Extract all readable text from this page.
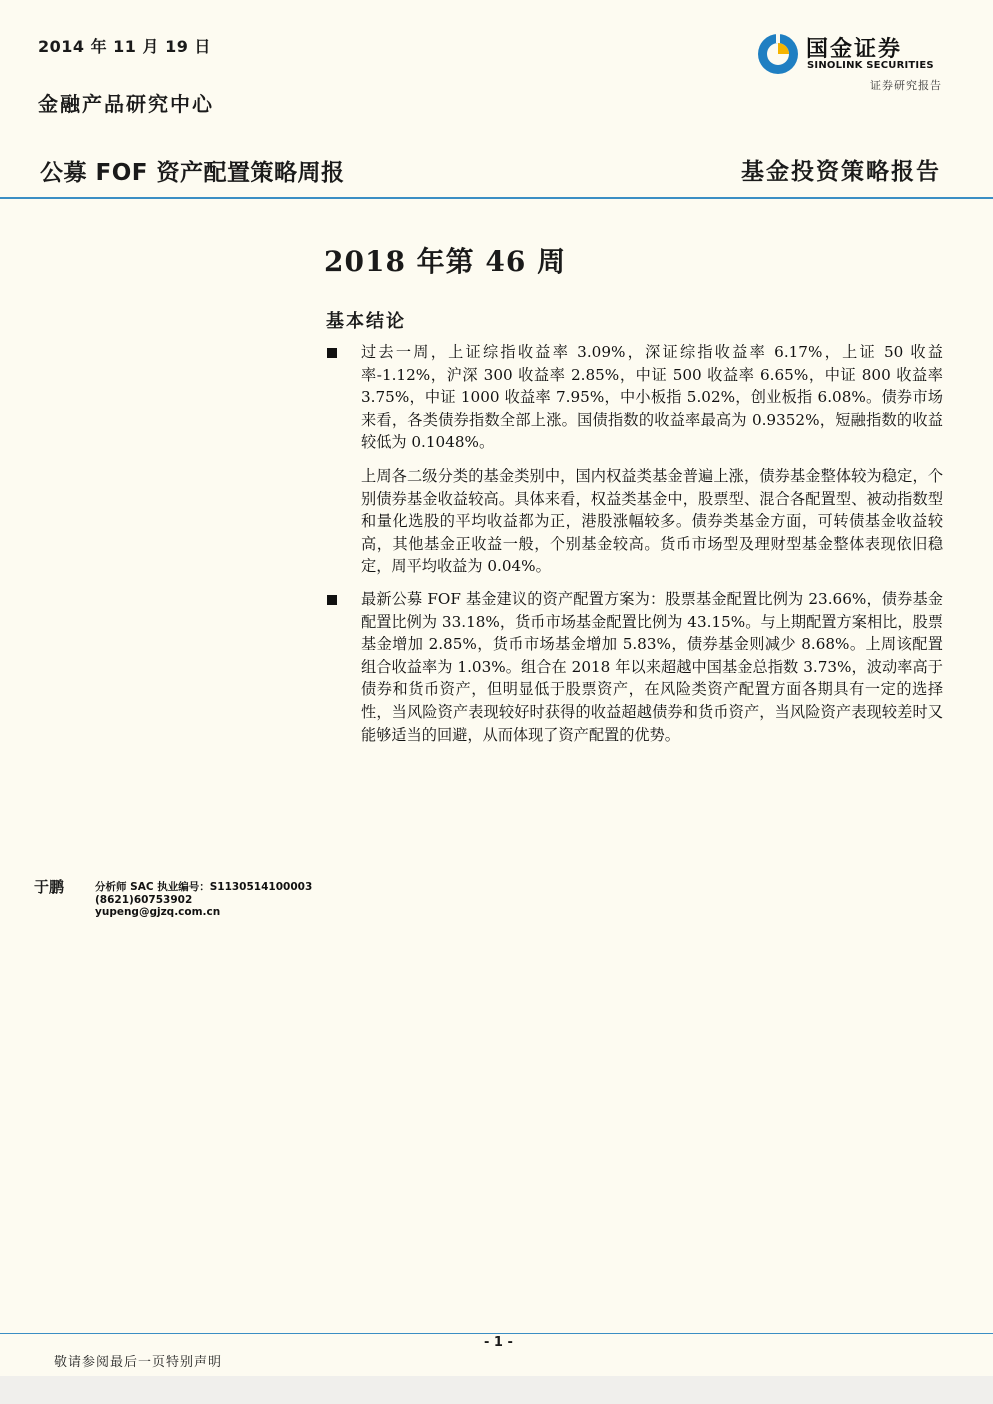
2014 年 11 月 19 日
金融产品研究中心
国金证券
SINOLINK SECURITIES
证券研究报告
公募 FOF 资产配置策略周报	基金投资策略报告
2018 年第 46 周
基本结论
过去一周，上证综指收益率 3.09%，深证综指收益率 6.17%，上证 50 收益率-1.12%，沪深 300 收益率 2.85%，中证 500 收益率 6.65%，中证 800 收益率 3.75%，中证 1000 收益率 7.95%，中小板指 5.02%，创业板指 6.08%。债券市场来看，各类债券指数全部上涨。国债指数的收益率最高为 0.9352%，短融指数的收益较低为 0.1048%。
上周各二级分类的基金类别中，国内权益类基金普遍上涨，债券基金整体较为稳定，个别债券基金收益较高。具体来看，权益类基金中，股票型、混合各配置型、被动指数型和量化选股的平均收益都为正，港股涨幅较多。债券类基金方面，可转债基金收益较高，其他基金正收益一般，个别基金较高。货币市场型及理财型基金整体表现依旧稳定，周平均收益为 0.04%。
最新公募 FOF 基金建议的资产配置方案为：股票基金配置比例为 23.66%，债券基金配置比例为 33.18%，货币市场基金配置比例为 43.15%。与上期配置方案相比，股票基金增加 2.85%，货币市场基金增加 5.83%，债券基金则减少 8.68%。上周该配置组合收益率为 1.03%。组合在 2018 年以来超越中国基金总指数 3.73%，波动率高于债券和货币资产，但明显低于股票资产，在风险类资产配置方面各期具有一定的选择性，当风险资产表现较好时获得的收益超越债券和货币资产，当风险资产表现较差时又能够适当的回避，从而体现了资产配置的优势。
于鹏	分析师 SAC 执业编号：S1130514100003
(8621)60753902
yupeng@gjzq.com.cn
- 1 -
敬请参阅最后一页特别声明
